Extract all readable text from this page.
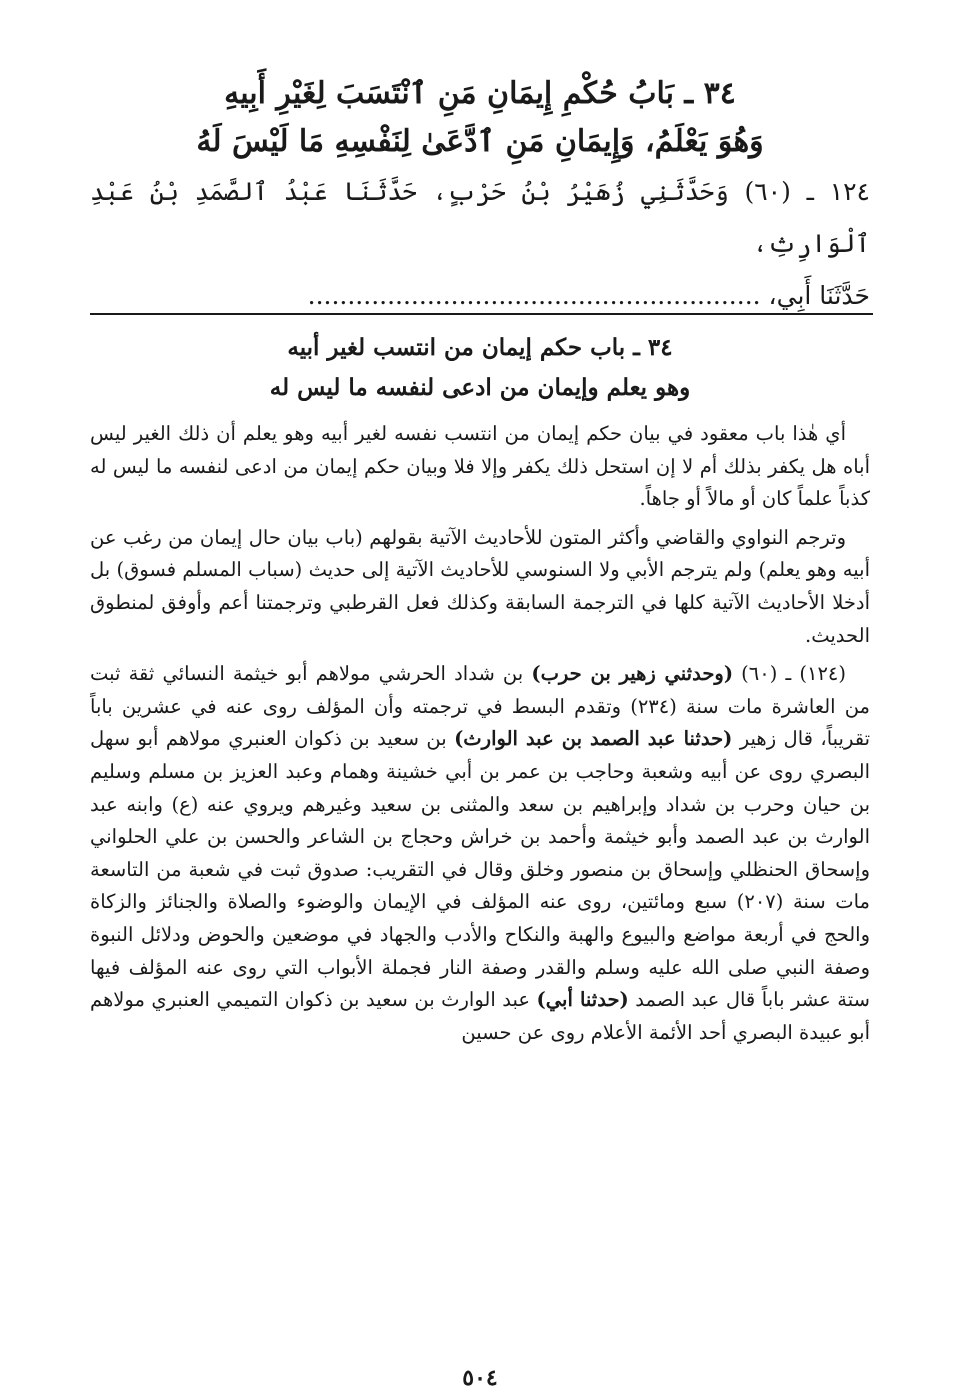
٣٤ ـ بَابُ حُكْمِ إِيمَانِ مَنِ ٱنْتَسَبَ لِغَيْرِ أَبِيهِ
وَهُوَ يَعْلَمُ، وَإِيمَانِ مَنِ ٱدَّعَىٰ لِنَفْسِهِ مَا لَيْسَ لَهُ
١٢٤ ـ (٦٠) وَحَدَّثَنِي زُهَيْرُ بْنُ حَرْبٍ، حَدَّثَنَا عَبْدُ ٱلصَّمَدِ بْنُ عَبْدِ ٱلْوَارِثِ،
حَدَّثَنَا أَبِي، .........................................................
٣٤ ـ باب حكم إيمان من انتسب لغير أبيه
وهو يعلم وإيمان من ادعى لنفسه ما ليس له

أي هٰذا باب معقود في بيان حكم إيمان من انتسب نفسه لغير أبيه وهو يعلم أن ذلك الغير ليس أباه هل يكفر بذلك أم لا إن استحل ذلك يكفر وإلا فلا وبيان حكم إيمان من ادعى لنفسه ما ليس له كذباً علماً كان أو مالاً أو جاهاً.

وترجم النواوي والقاضي وأكثر المتون للأحاديث الآتية بقولهم (باب بيان حال إيمان من رغب عن أبيه وهو يعلم) ولم يترجم الأبي ولا السنوسي للأحاديث الآتية إلى حديث (سباب المسلم فسوق) بل أدخلا الأحاديث الآتية كلها في الترجمة السابقة وكذلك فعل القرطبي وترجمتنا أعم وأوفق لمنطوق الحديث.

(١٢٤) ـ (٦٠) (وحدثني زهير بن حرب) بن شداد الحرشي مولاهم أبو خيثمة النسائي ثقة ثبت من العاشرة مات سنة (٢٣٤) وتقدم البسط في ترجمته وأن المؤلف روى عنه في عشرين باباً تقريباً، قال زهير (حدثنا عبد الصمد بن عبد الوارث) بن سعيد بن ذكوان العنبري مولاهم أبو سهل البصري روى عن أبيه وشعبة وحاجب بن عمر بن أبي خشينة وهمام وعبد العزيز بن مسلم وسليم بن حيان وحرب بن شداد وإبراهيم بن سعد والمثنى بن سعيد وغيرهم ويروي عنه (ع) وابنه عبد الوارث بن عبد الصمد وأبو خيثمة وأحمد بن خراش وحجاج بن الشاعر والحسن بن علي الحلواني وإسحاق الحنظلي وإسحاق بن منصور وخلق وقال في التقريب: صدوق ثبت في شعبة من التاسعة مات سنة (٢٠٧) سبع ومائتين، روى عنه المؤلف في الإيمان والوضوء والصلاة والجنائز والزكاة والحج في أربعة مواضع والبيوع والهبة والنكاح والأدب والجهاد في موضعين والحوض ودلائل النبوة وصفة النبي صلى الله عليه وسلم والقدر وصفة النار فجملة الأبواب التي روى عنه المؤلف فيها ستة عشر باباً قال عبد الصمد (حدثنا أبي) عبد الوارث بن سعيد بن ذكوان التميمي العنبري مولاهم أبو عبيدة البصري أحد الأئمة الأعلام روى عن حسين

٥٠٤
